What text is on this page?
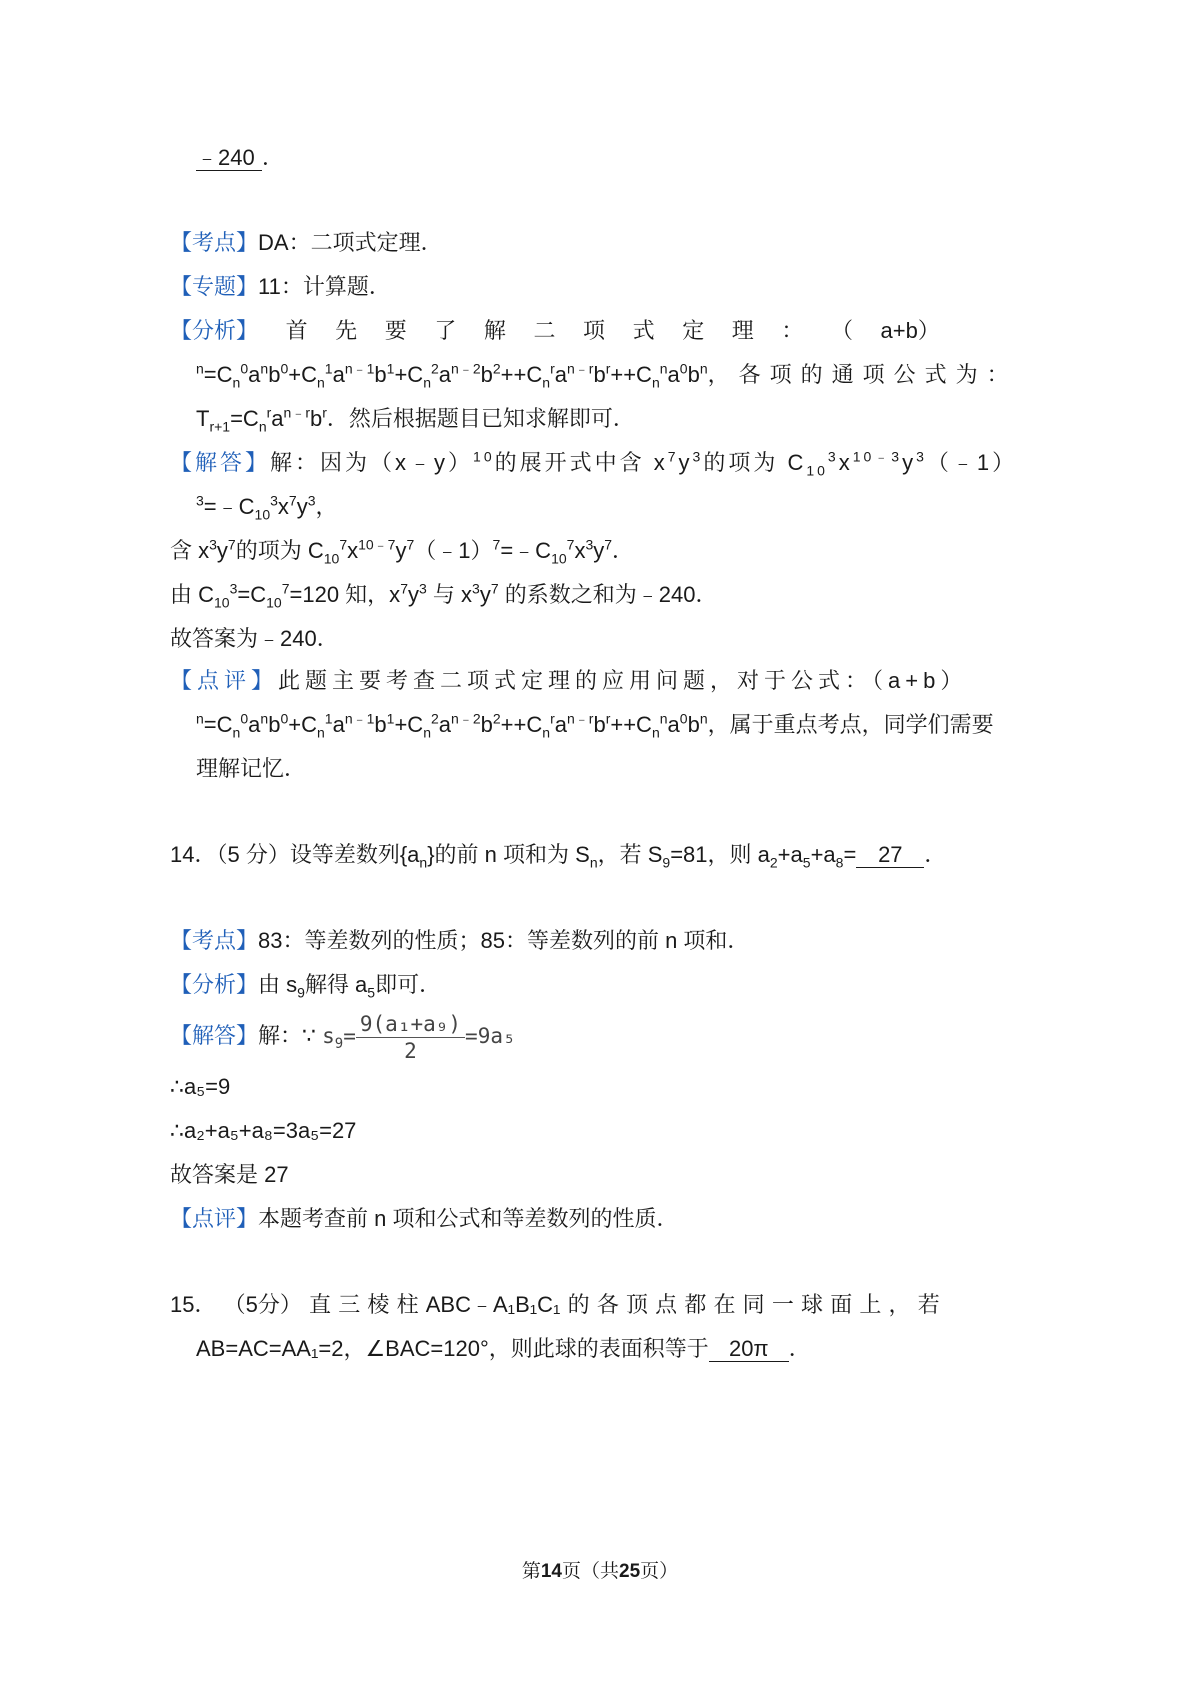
﹣240 ．
【考点】DA：二项式定理．
【专题】11：计算题．
【分析】 首 先 要 了 解 二 项 式 定 理 ： （ a+b）
$^n=C_n^0a^nb^0+C_n^1a^{n﹣1}b^1+C_n^2a^{n﹣2}b^2++C_n^ra^{n﹣r}b^r++C_n^na^0b^n$，各项的通项公式为：
$T_{r+1}=C_n^ra^{n﹣r}b^r$．然后根据题目已知求解即可．
【解答】解：因为（x﹣y）$^{10}$的展开式中含 $x^7y^3$的项为 $C_{10}^3x^{10﹣3}y^3(﹣1)$
$^3=﹣C_{10}^3x^7y^3$，
含 $x^3y^7$的项为 $C_{10}^7x^{10﹣7}y^7(﹣1)^7=﹣C_{10}^7x^3y^7$．
由 $C_{10}^3=C_{10}^7=120$ 知，$x^7y^3$ 与 $x^3y^7$ 的系数之和为﹣240．
故答案为﹣240．
【点评】此题主要考查二项式定理的应用问题，对于公式：（a+b）
$^n=C_n^0a^nb^0+C_n^1a^{n﹣1}b^1+C_n^2a^{n﹣2}b^2++C_n^ra^{n﹣r}b^r++C_n^na^0b^n$，属于重点考点，同学们需要
理解记忆．
14．（5 分）设等差数列$\{a_n\}$的前 n 项和为 $S_n$，若 $S_9=81$，则 $a_2+a_5+a_8= 27$ ．
【考点】83：等差数列的性质；85：等差数列的前 n 项和．
【分析】由 $s_9$解得 $a_5$即可．
【解答】解：∵ $s_9= \frac{\text{9(a₁+a₉)}}{2} =9a_5$
∴a₅=9
∴a₂+a₅+a₈=3a₅=27
故答案是 27
【点评】本题考查前 n 项和公式和等差数列的性质．
15． （5分） 直 三 棱 柱 ABC﹣A₁B₁C₁ 的 各 顶 点 都 在 同 一 球 面 上 ， 若
AB=AC=AA₁=2，∠BAC=120°，则此球的表面积等于 20π ．
第14页（共25页）
